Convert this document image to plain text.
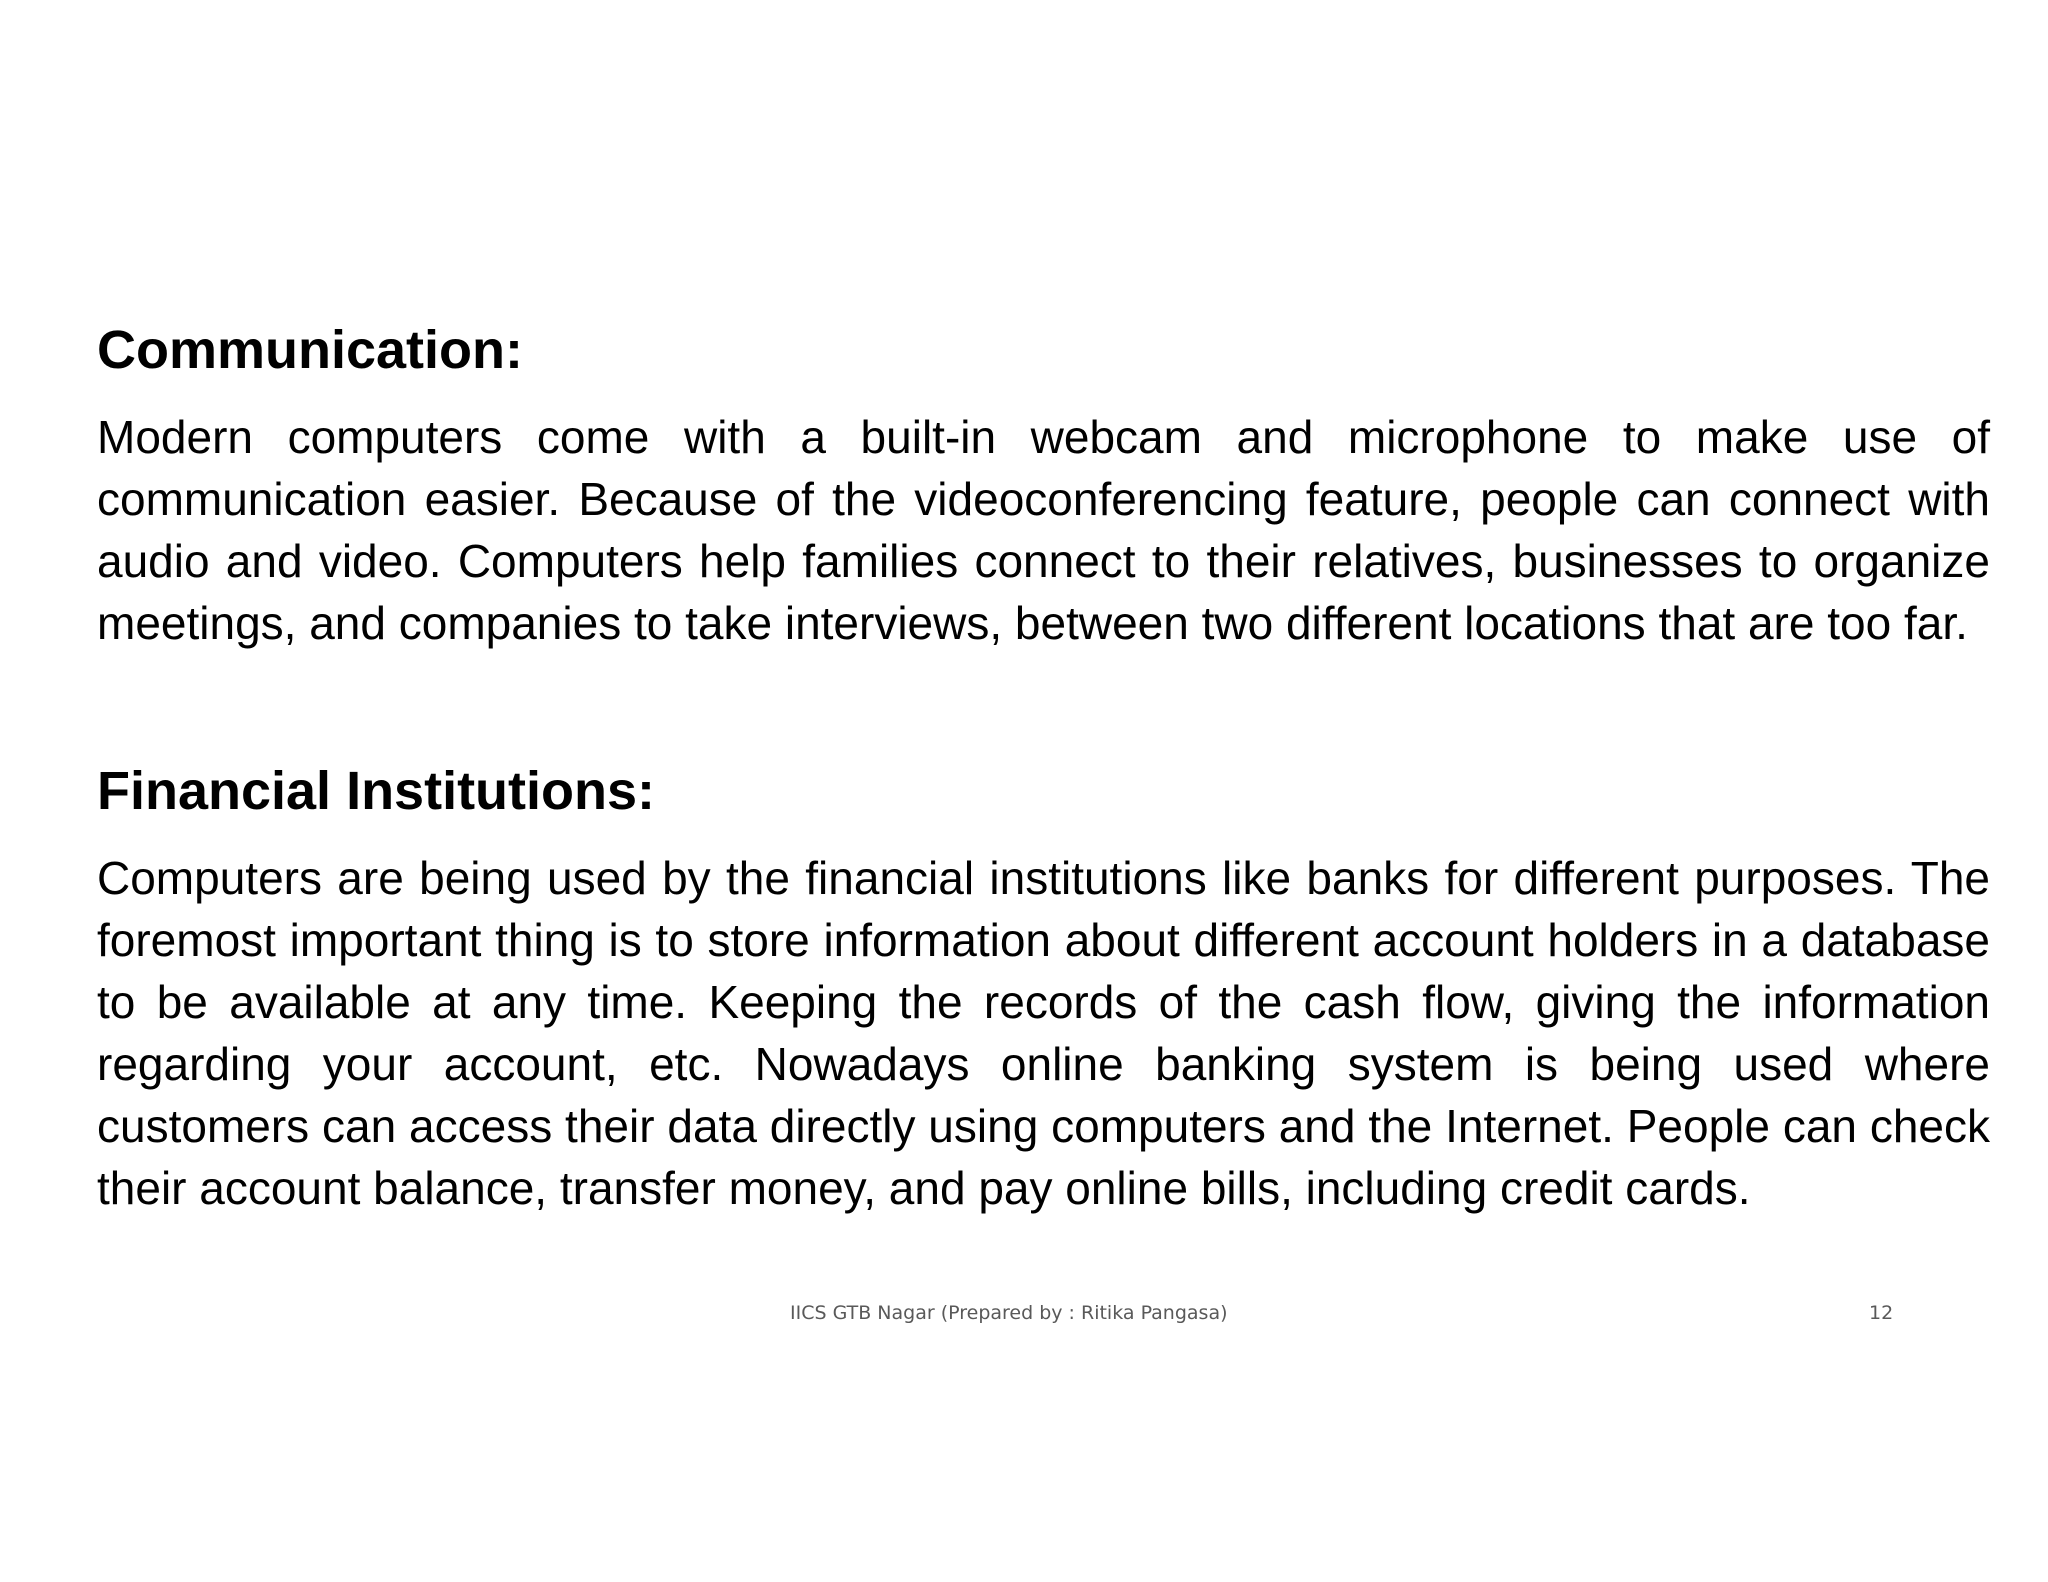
Communication:

Modern computers come with a built-in webcam and microphone to make use of communication easier. Because of the videoconferencing feature, people can connect with audio and video. Computers help families connect to their relatives, businesses to organize meetings, and companies to take interviews, between two different locations that are too far.

Financial Institutions:

Computers are being used by the financial institutions like banks for different purposes. The foremost important thing is to store information about different account holders in a database to be available at any time. Keeping the records of the cash flow, giving the information regarding your account, etc. Nowadays online banking system is being used where customers can access their data directly using computers and the Internet. People can check their account balance, transfer money, and pay online bills, including credit cards.

IICS GTB Nagar (Prepared by : Ritika Pangasa)	12
